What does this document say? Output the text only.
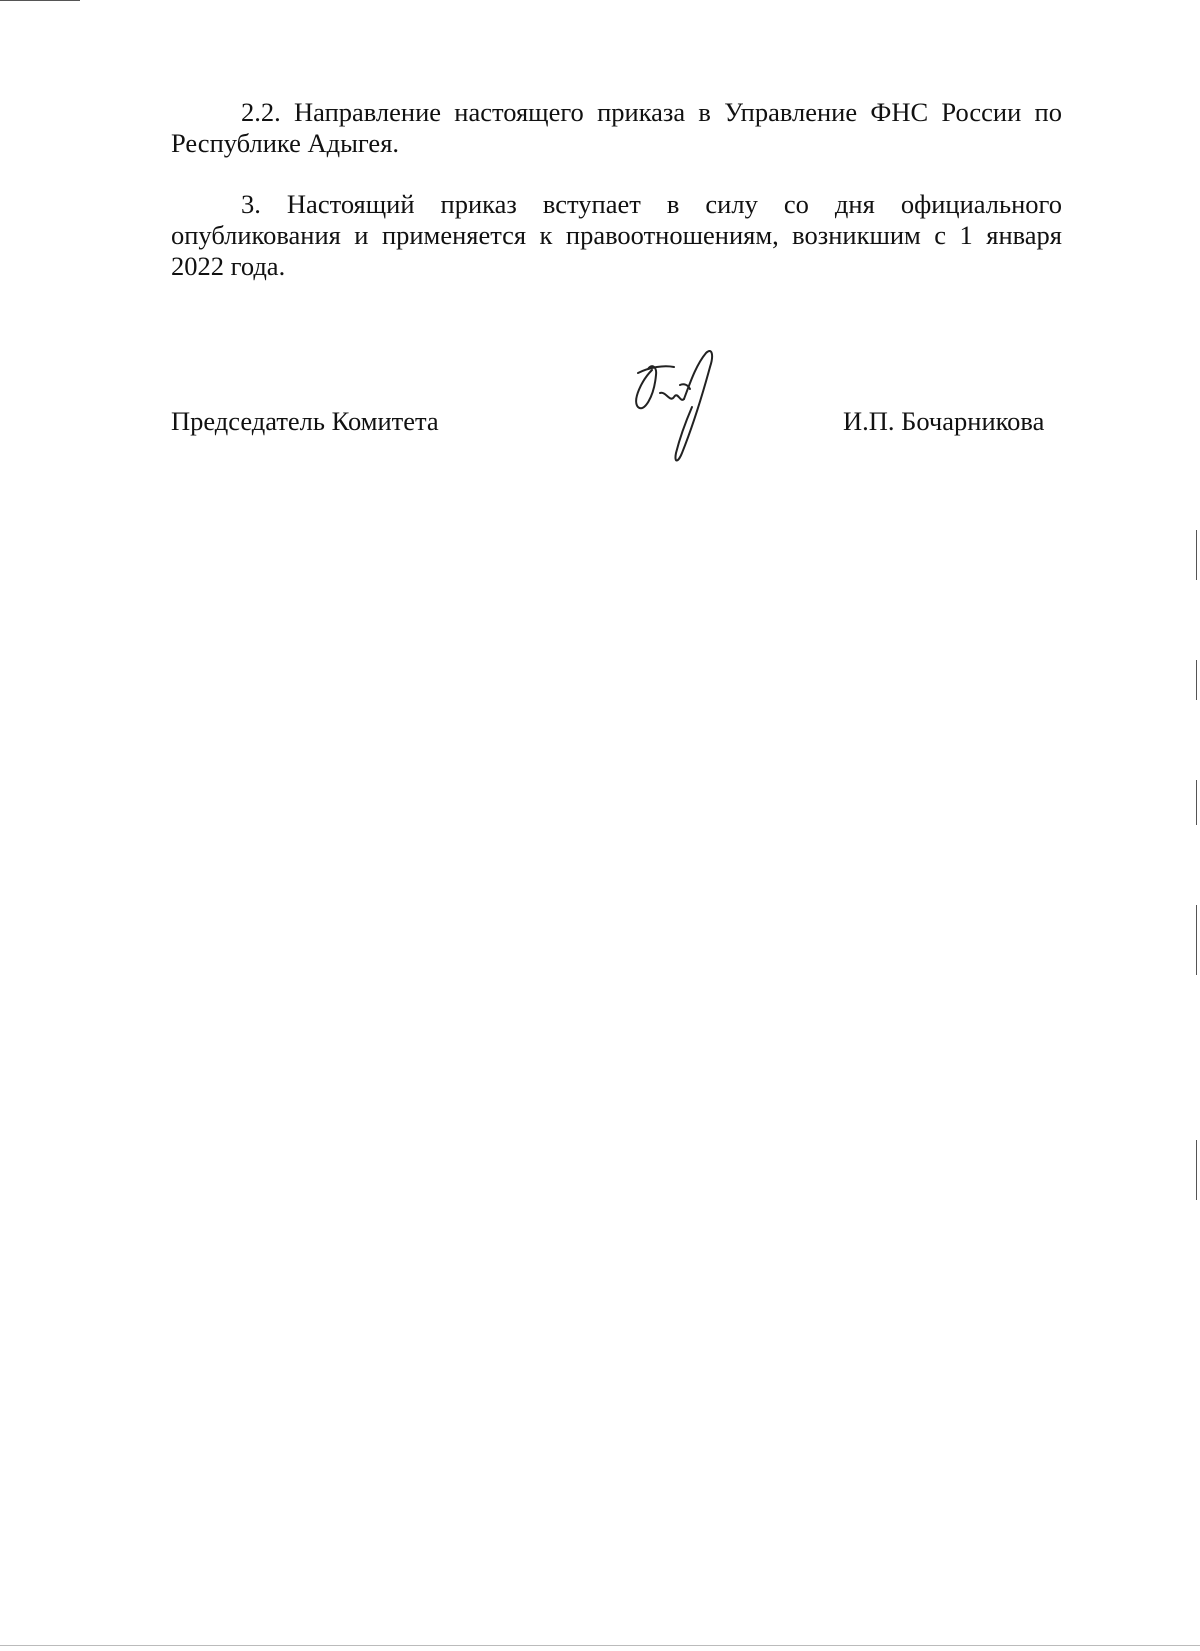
2.2. Направление настоящего приказа в Управление ФНС России по Республике Адыгея.

3. Настоящий приказ вступает в силу со дня официального опубликования и применяется к правоотношениям, возникшим с 1 января 2022 года.

Председатель Комитета	И.П. Бочарникова
